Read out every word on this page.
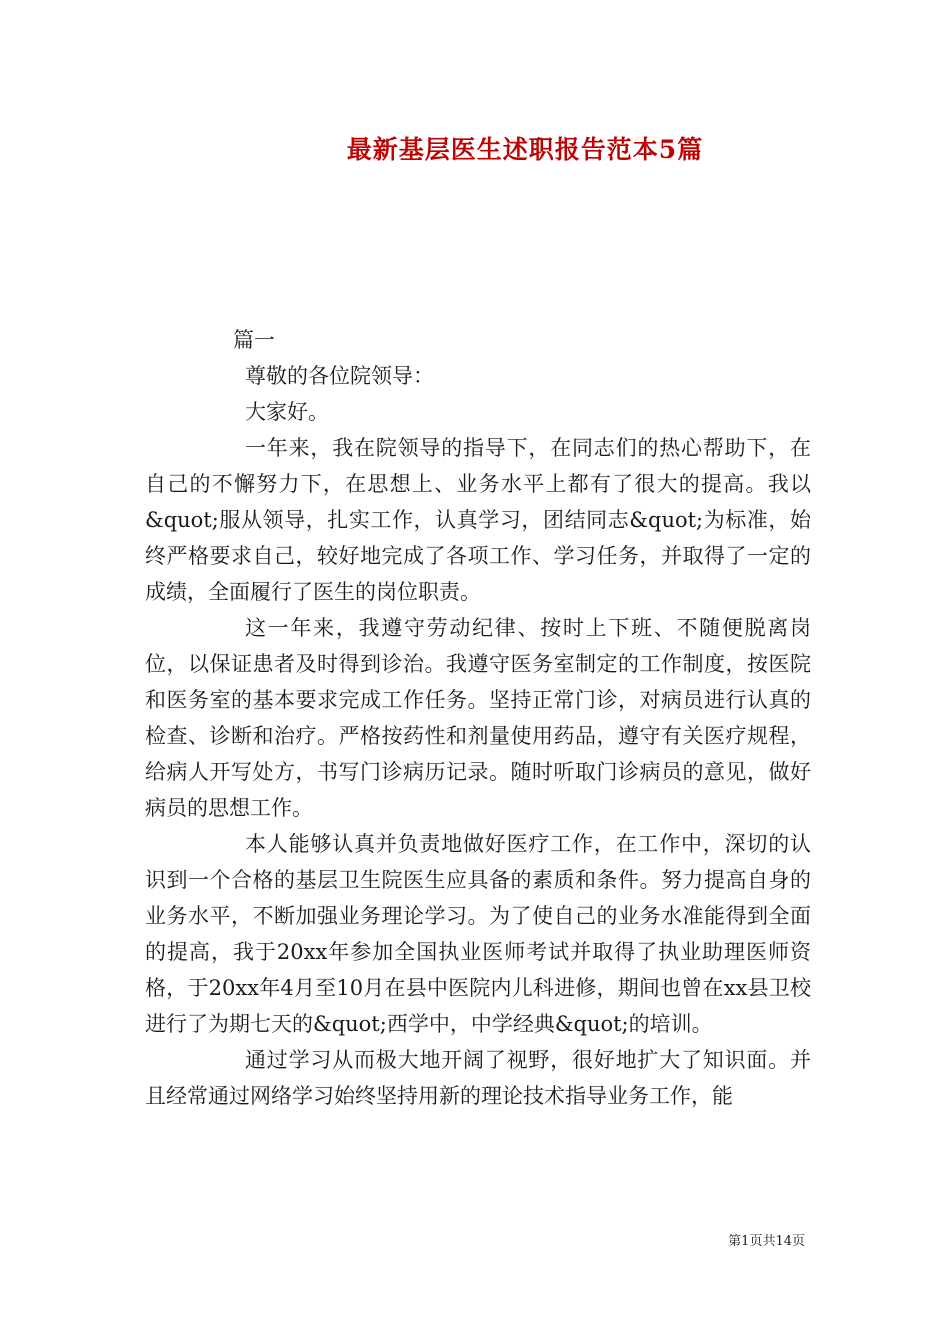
最新基层医生述职报告范本5篇

篇一

尊敬的各位院领导：

大家好。

一年来，我在院领导的指导下，在同志们的热心帮助下，在自己的不懈努力下，在思想上、业务水平上都有了很大的提高。我以&quot;服从领导，扎实工作，认真学习，团结同志&quot;为标准，始终严格要求自己，较好地完成了各项工作、学习任务，并取得了一定的成绩，全面履行了医生的岗位职责。

这一年来，我遵守劳动纪律、按时上下班、不随便脱离岗位，以保证患者及时得到诊治。我遵守医务室制定的工作制度，按医院和医务室的基本要求完成工作任务。坚持正常门诊，对病员进行认真的检查、诊断和治疗。严格按药性和剂量使用药品，遵守有关医疗规程，给病人开写处方，书写门诊病历记录。随时听取门诊病员的意见，做好病员的思想工作。

本人能够认真并负责地做好医疗工作，在工作中，深切的认识到一个合格的基层卫生院医生应具备的素质和条件。努力提高自身的业务水平，不断加强业务理论学习。为了使自己的业务水准能得到全面的提高，我于20xx年参加全国执业医师考试并取得了执业助理医师资格，于20xx年4月至10月在县中医院内儿科进修，期间也曾在xx县卫校进行了为期七天的&quot;西学中，中学经典&quot;的培训。

通过学习从而极大地开阔了视野，很好地扩大了知识面。并且经常通过网络学习始终坚持用新的理论技术指导业务工作，能

第1页共14页
